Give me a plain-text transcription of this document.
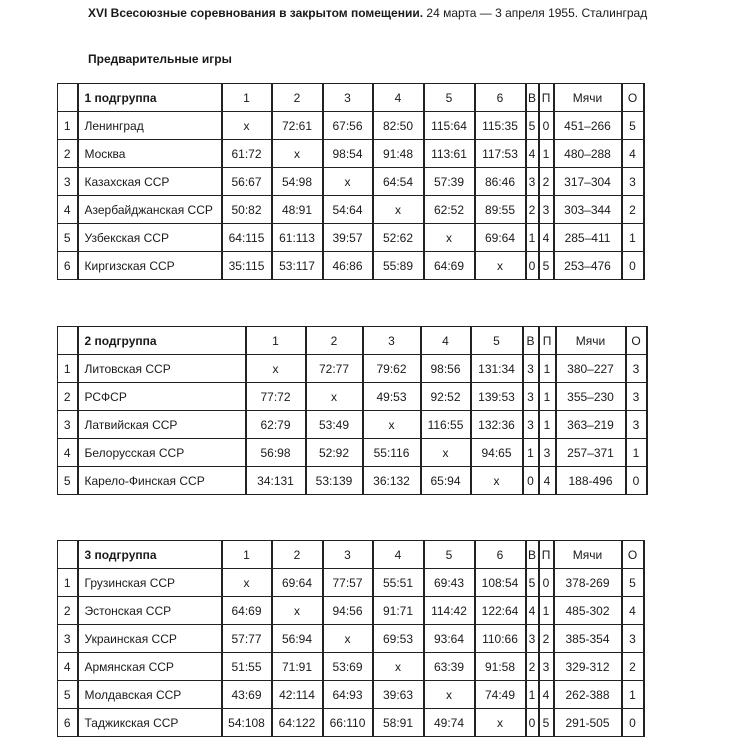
XVI Всесоюзные соревнования в закрытом помещении. 24 марта — 3 апреля 1955. Сталинград
Предварительные игры
	1 подгруппа	1	2	3	4	5	6	В	П	Мячи	О
1	Ленинград	x	72:61	67:56	82:50	115:64	115:35	5	0	451–266	5
2	Москва	61:72	x	98:54	91:48	113:61	117:53	4	1	480–288	4
3	Казахская ССР	56:67	54:98	x	64:54	57:39	86:46	3	2	317–304	3
4	Азербайджанская ССР	50:82	48:91	54:64	x	62:52	89:55	2	3	303–344	2
5	Узбекская ССР	64:115	61:113	39:57	52:62	x	69:64	1	4	285–411	1
6	Киргизская ССР	35:115	53:117	46:86	55:89	64:69	x	0	5	253–476	0
	2 подгруппа	1	2	3	4	5	В	П	Мячи	О
1	Литовская ССР	x	72:77	79:62	98:56	131:34	3	1	380–227	3
2	РСФСР	77:72	x	49:53	92:52	139:53	3	1	355–230	3
3	Латвийская ССР	62:79	53:49	x	116:55	132:36	3	1	363–219	3
4	Белорусская ССР	56:98	52:92	55:116	x	94:65	1	3	257–371	1
5	Карело-Финская ССР	34:131	53:139	36:132	65:94	x	0	4	188-496	0
	3 подгруппа	1	2	3	4	5	6	В	П	Мячи	О
1	Грузинская ССР	x	69:64	77:57	55:51	69:43	108:54	5	0	378-269	5
2	Эстонская ССР	64:69	x	94:56	91:71	114:42	122:64	4	1	485-302	4
3	Украинская ССР	57:77	56:94	x	69:53	93:64	110:66	3	2	385-354	3
4	Армянская ССР	51:55	71:91	53:69	x	63:39	91:58	2	3	329-312	2
5	Молдавская ССР	43:69	42:114	64:93	39:63	x	74:49	1	4	262-388	1
6	Таджикская ССР	54:108	64:122	66:110	58:91	49:74	x	0	5	291-505	0
